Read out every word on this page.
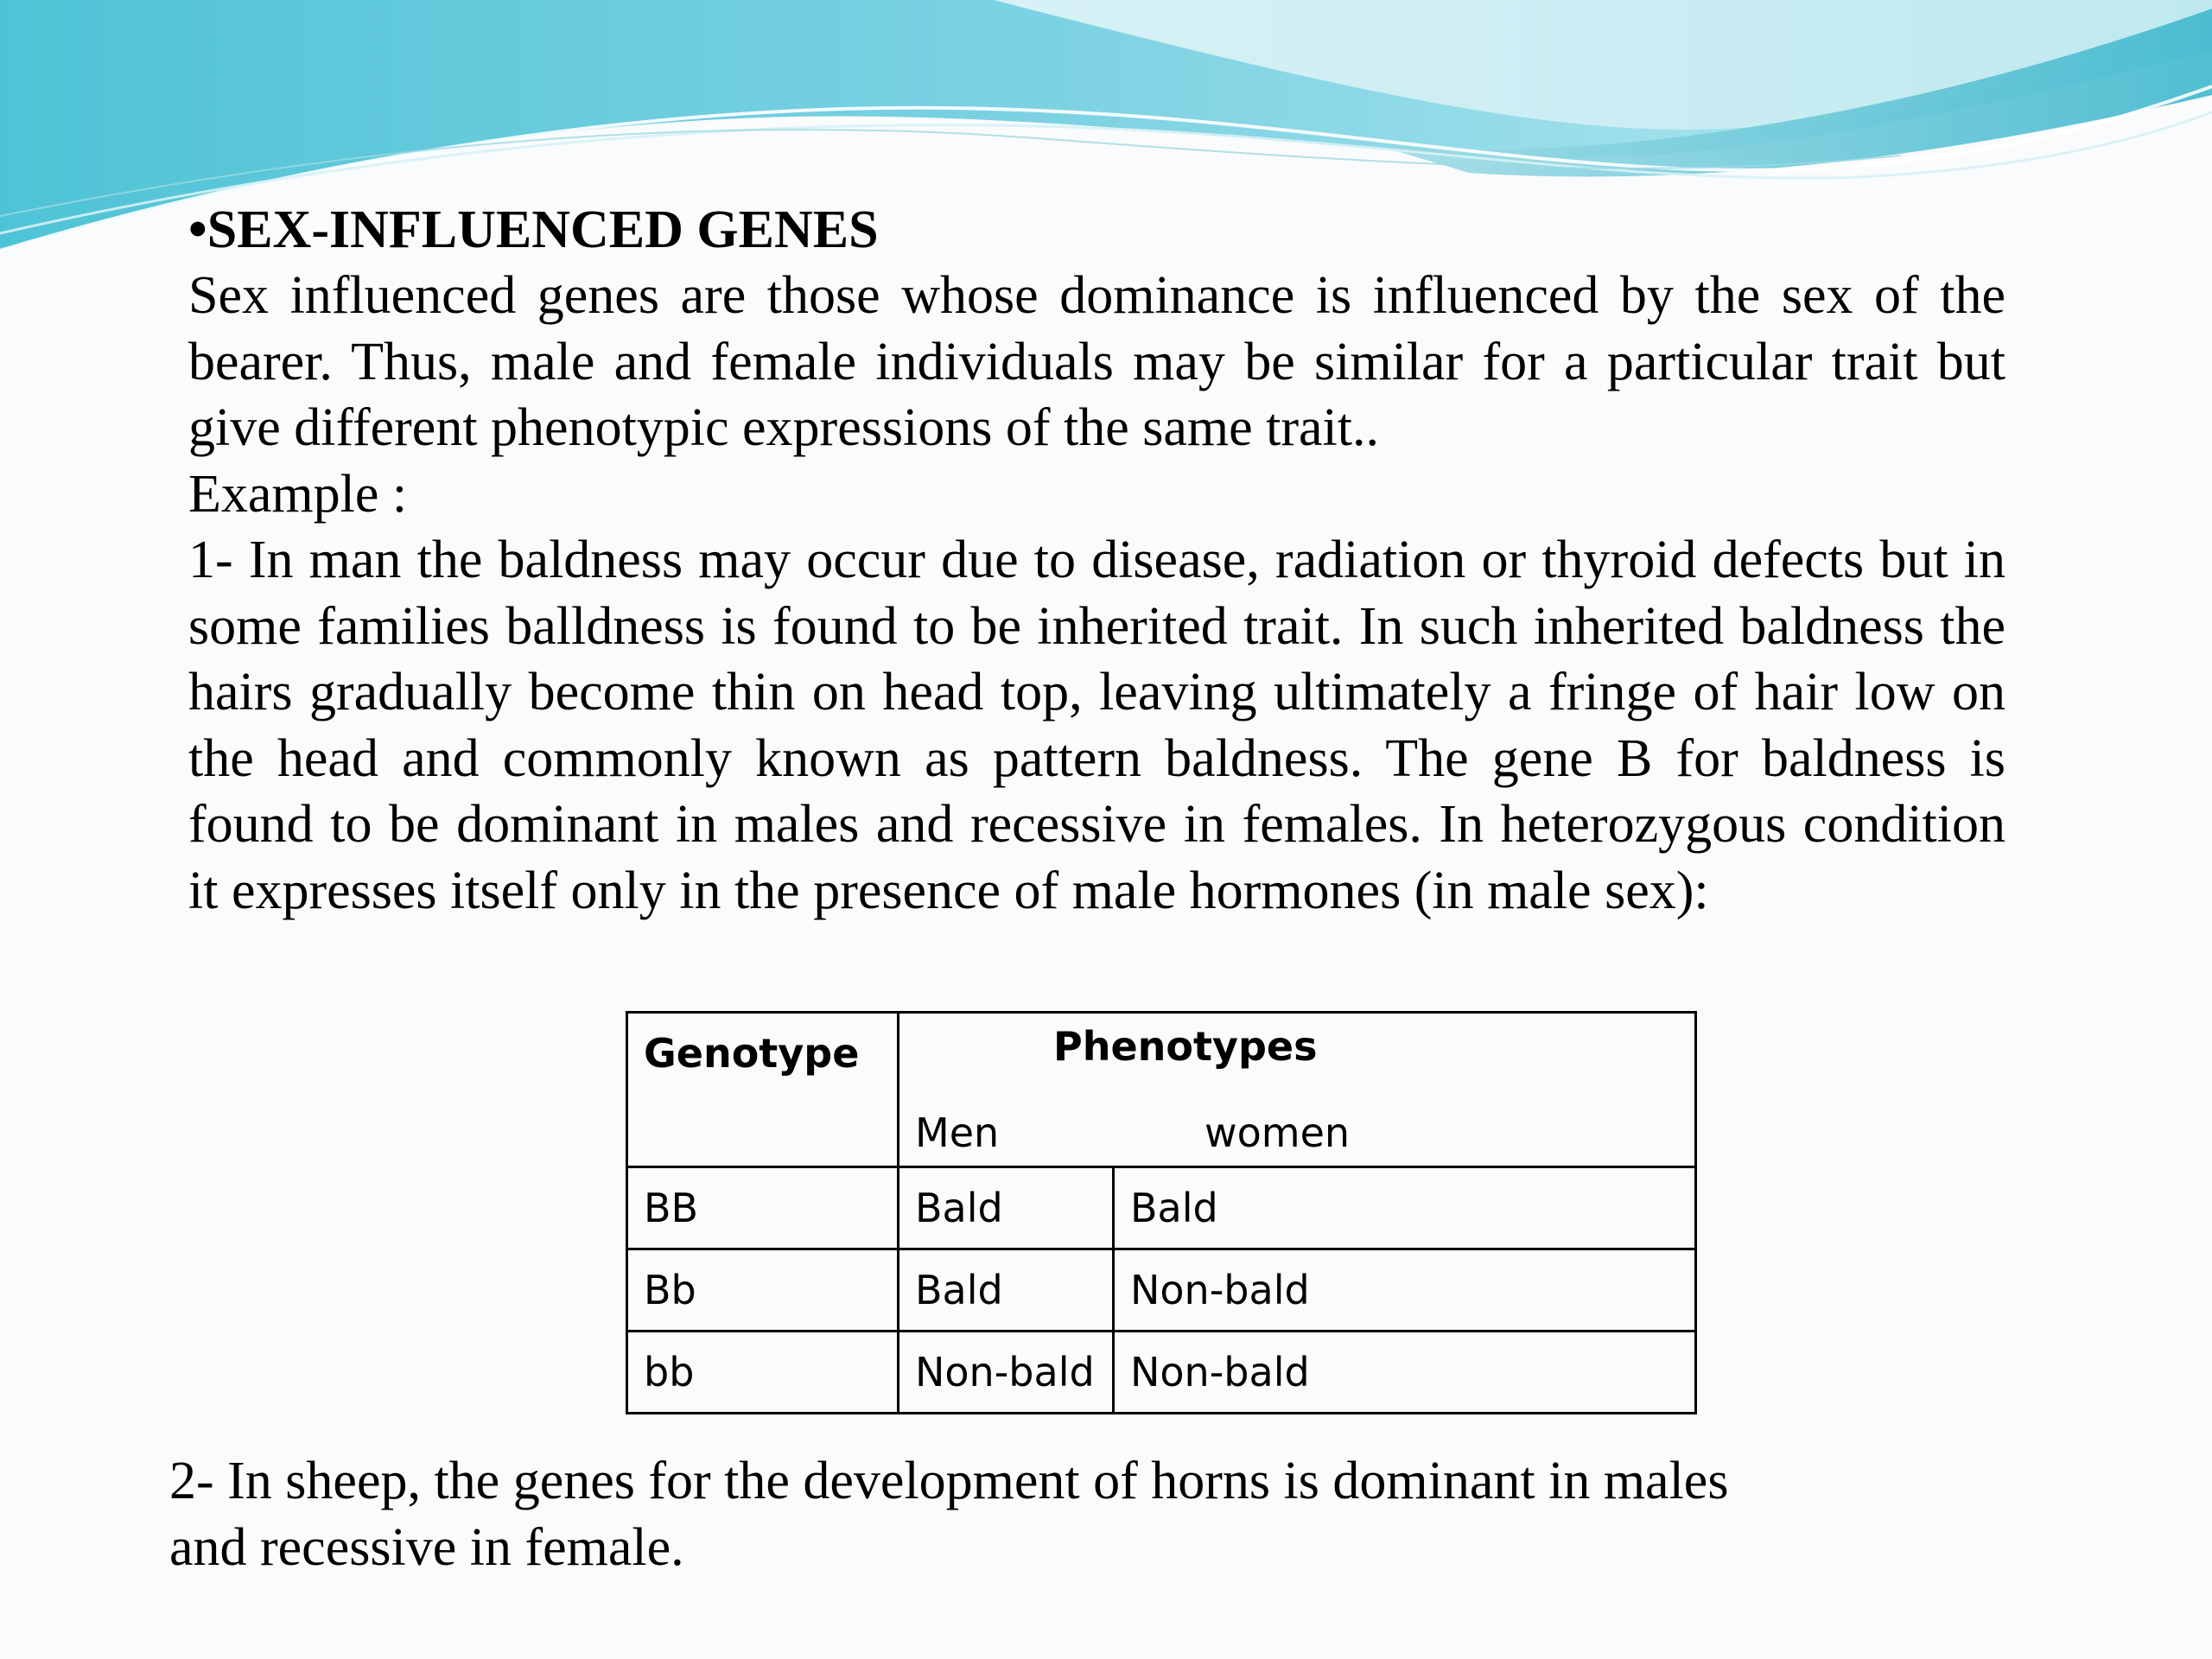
•SEX-INFLUENCED GENES

Sex influenced genes are those whose dominance is influenced by the sex of the bearer. Thus, male and female individuals may be similar for a particular trait but give different phenotypic expressions of the same trait..

Example :

1- In man the baldness may occur due to disease, radiation or thyroid defects but in some families balldness is found to be inherited trait. In such inherited baldness the hairs gradually become thin on head top, leaving ultimately a fringe of hair low on the head and commonly known as pattern baldness. The gene B for baldness is found to be dominant in males and recessive in females. In heterozygous condition it expresses itself only in the presence of male hormones (in male sex):

Genotype	Phenotypes
Men women	

BB	Bald	Bald
Bb	Bald	Non-bald
bb	Non-bald	Non-bald
2- In sheep, the genes for the development of horns is dominant in males
and recessive in female.
